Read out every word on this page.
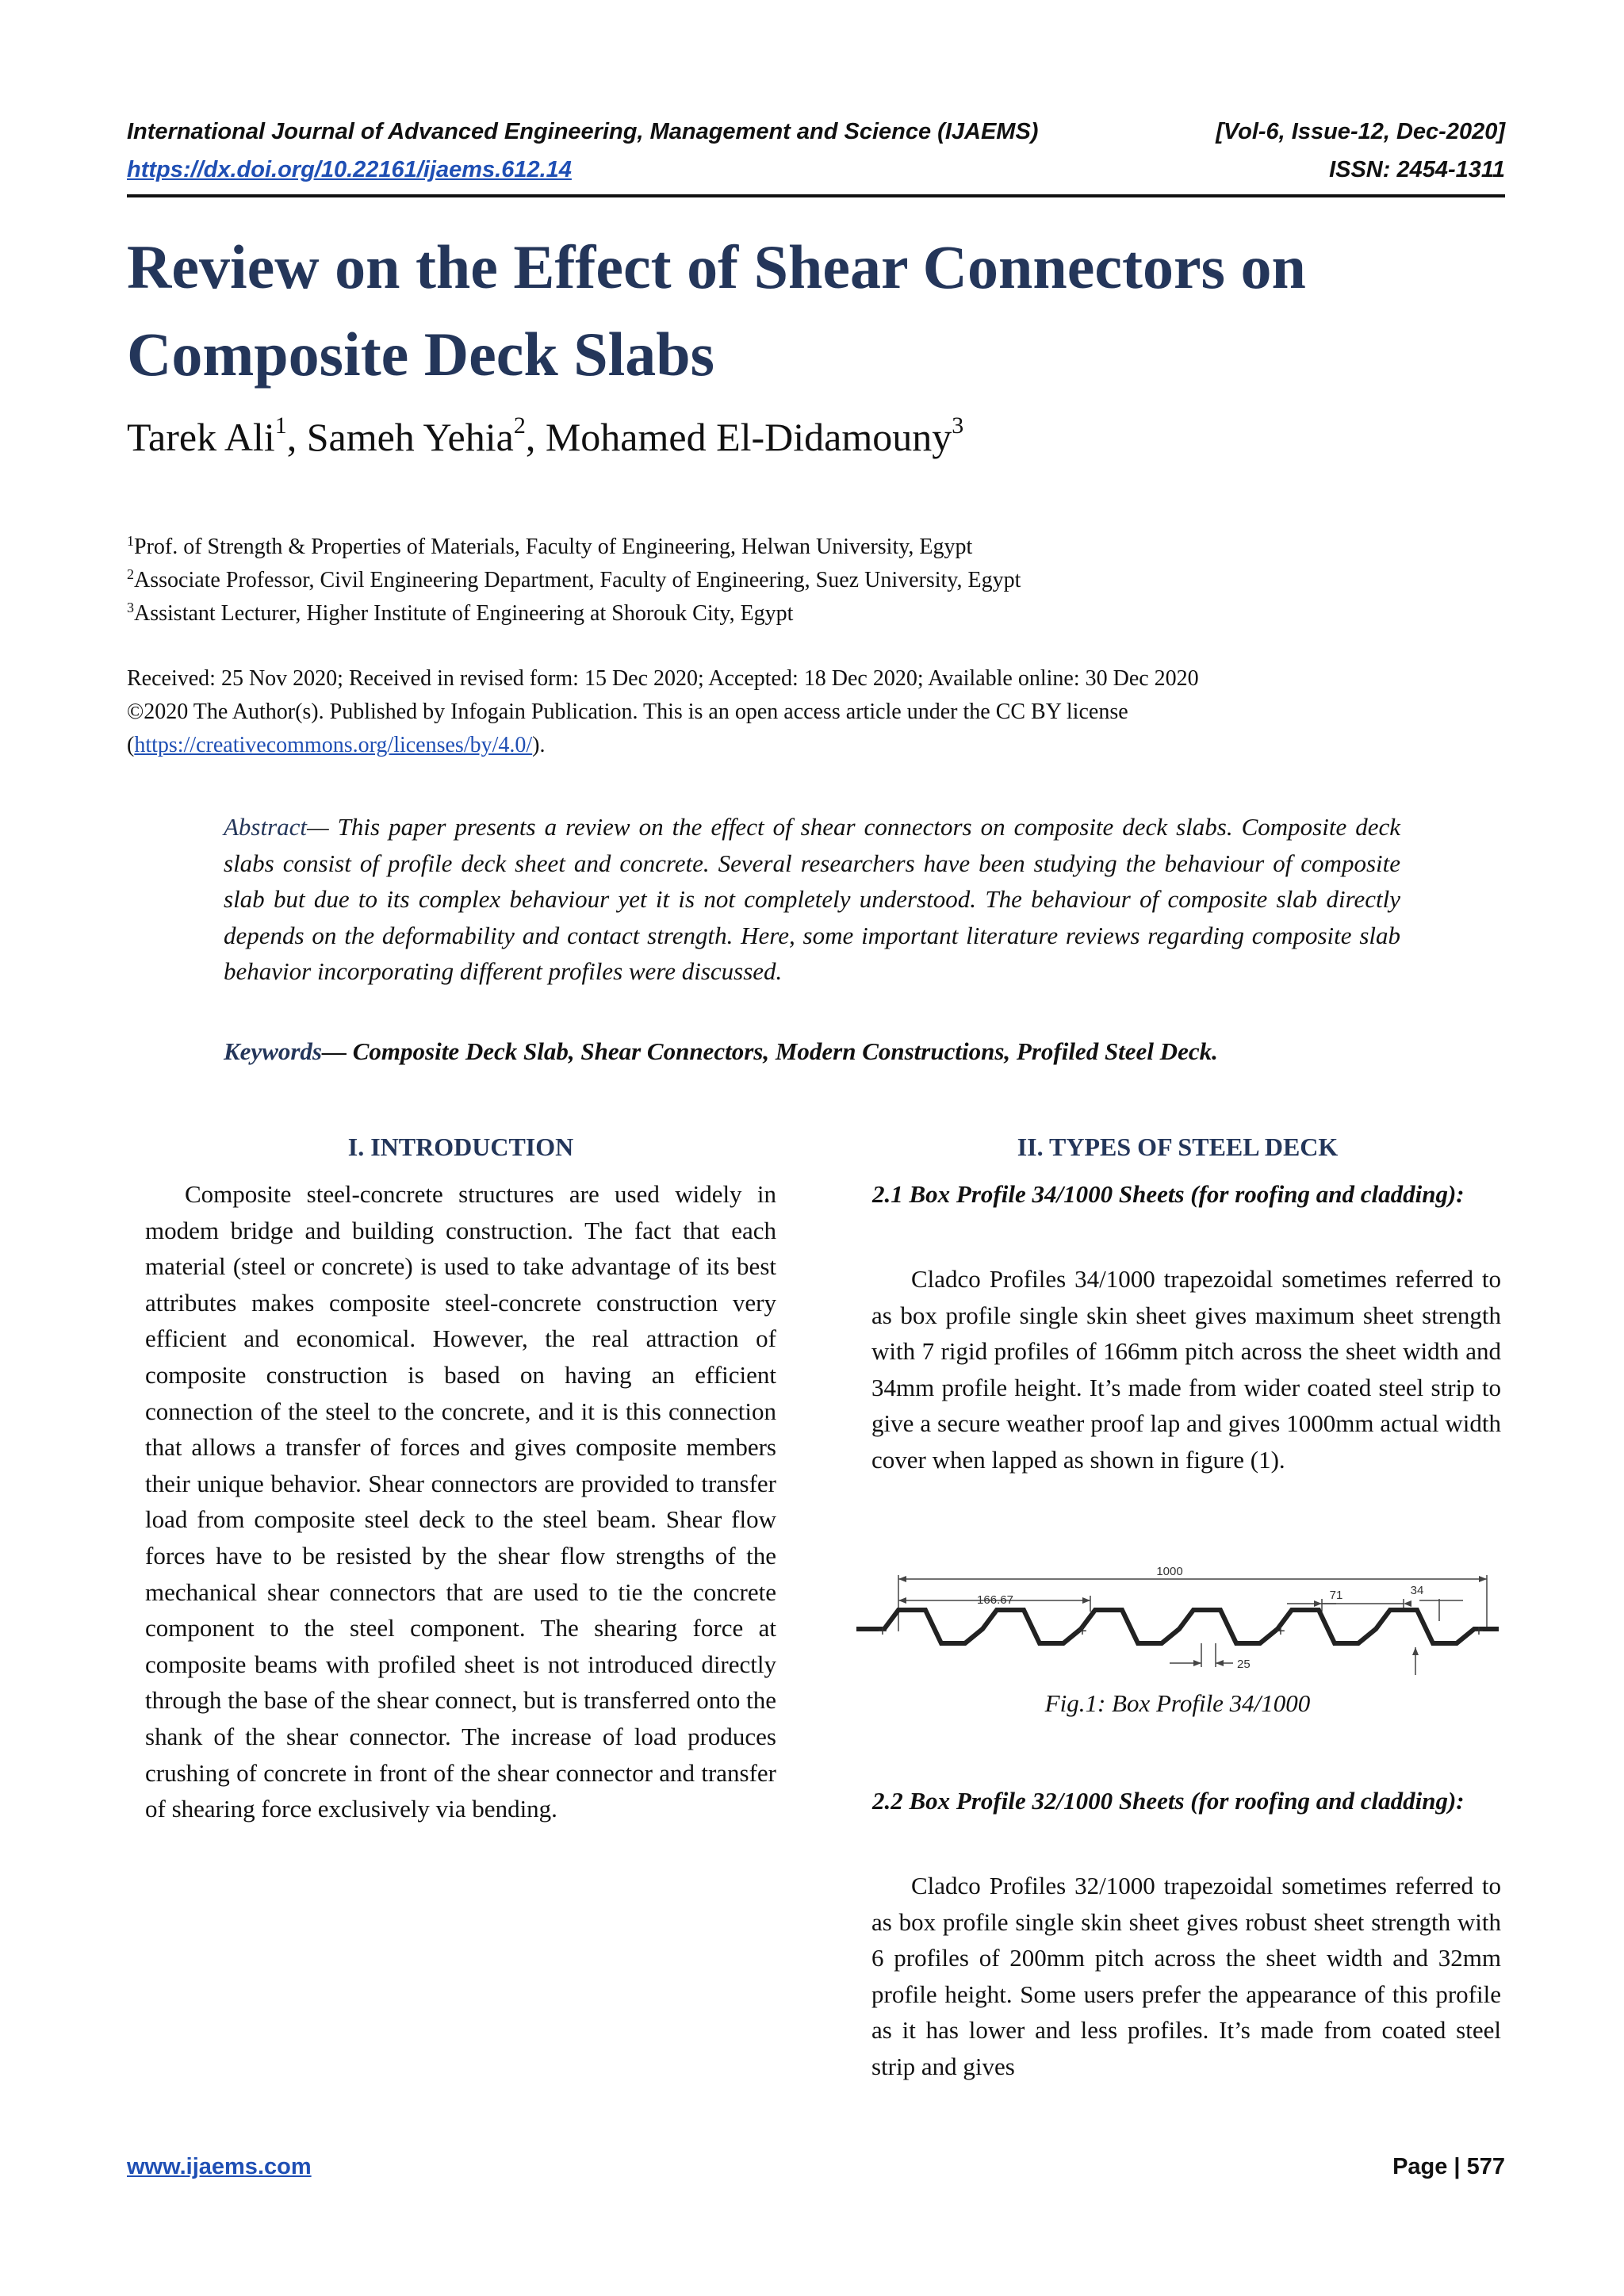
International Journal of Advanced Engineering, Management and Science (IJAEMS)	[Vol-6, Issue-12, Dec-2020]
https://dx.doi.org/10.22161/ijaems.612.14	ISSN: 2454-1311
Review on the Effect of Shear Connectors on Composite Deck Slabs
Tarek Ali$^1$, Sameh Yehia$^2$, Mohamed El-Didamouny$^3$
$^1$Prof. of Strength & Properties of Materials, Faculty of Engineering, Helwan University, Egypt
$^2$Associate Professor, Civil Engineering Department, Faculty of Engineering, Suez University, Egypt
$^3$Assistant Lecturer, Higher Institute of Engineering at Shorouk City, Egypt
Received: 25 Nov 2020; Received in revised form: 15 Dec 2020; Accepted: 18 Dec 2020; Available online: 30 Dec 2020
©2020 The Author(s). Published by Infogain Publication. This is an open access article under the CC BY license
(https://creativecommons.org/licenses/by/4.0/).
Abstract— This paper presents a review on the effect of shear connectors on composite deck slabs. Composite deck slabs consist of profile deck sheet and concrete. Several researchers have been studying the behaviour of composite slab but due to its complex behaviour yet it is not completely understood. The behaviour of composite slab directly depends on the deformability and contact strength. Here, some important literature reviews regarding composite slab behavior incorporating different profiles were discussed.
Keywords— Composite Deck Slab, Shear Connectors, Modern Constructions, Profiled Steel Deck.
I. INTRODUCTION

Composite steel-concrete structures are used widely in modem bridge and building construction. The fact that each material (steel or concrete) is used to take advantage of its best attributes makes composite steel-concrete construction very efficient and economical. However, the real attraction of composite construction is based on having an efficient connection of the steel to the concrete, and it is this connection that allows a transfer of forces and gives composite members their unique behavior. Shear connectors are provided to transfer load from composite steel deck to the steel beam. Shear flow forces have to be resisted by the shear flow strengths of the mechanical shear connectors that are used to tie the concrete component to the steel component. The shearing force at composite beams with profiled sheet is not introduced directly through the base of the shear connect, but is transferred onto the shank of the shear connector. The increase of load produces crushing of concrete in front of the shear connector and transfer of shearing force exclusively via bending.

II. TYPES OF STEEL DECK
2.1 Box Profile 34/1000 Sheets (for roofing and cladding):

Cladco Profiles 34/1000 trapezoidal sometimes referred to as box profile single skin sheet gives maximum sheet strength with 7 rigid profiles of 166mm pitch across the sheet width and 34mm profile height. It’s made from wider coated steel strip to give a secure weather proof lap and gives 1000mm actual width cover when lapped as shown in figure (1).

1000
166.67	71	34
25
+	+	+	+
Fig.1: Box Profile 34/1000
2.2 Box Profile 32/1000 Sheets (for roofing and cladding):

Cladco Profiles 32/1000 trapezoidal sometimes referred to as box profile single skin sheet gives robust sheet strength with 6 profiles of 200mm pitch across the sheet width and 32mm profile height. Some users prefer the appearance of this profile as it has lower and less profiles. It’s made from coated steel strip and gives

www.ijaems.com	Page | 577
